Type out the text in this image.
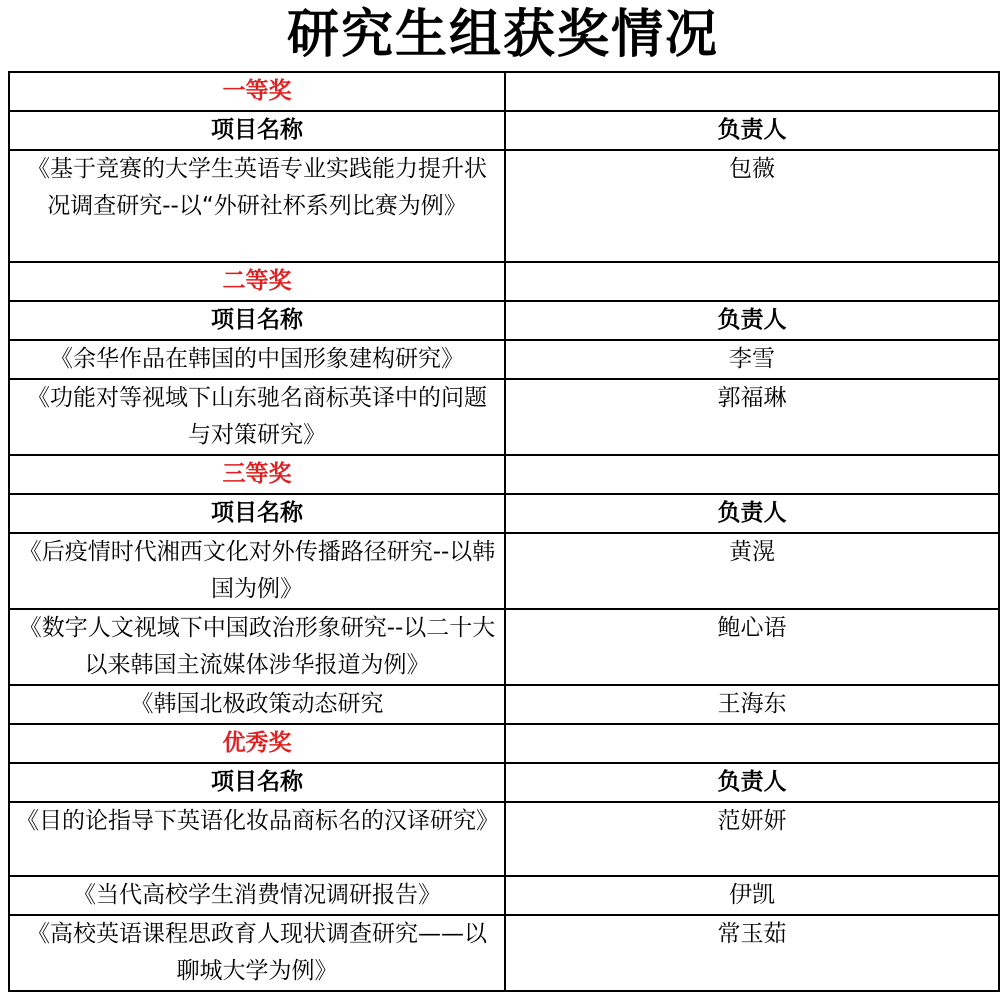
研究生组获奖情况
一等奖	
项目名称	负责人
《基于竞赛的大学生英语专业实践能力提升状况调查研究--以“外研社杯系列比赛为例》	包薇
二等奖	
项目名称	负责人
《余华作品在韩国的中国形象建构研究》	李雪
《功能对等视域下山东驰名商标英译中的问题与对策研究》	郭福琳
三等奖	
项目名称	负责人
《后疫情时代湘西文化对外传播路径研究--以韩国为例》	黄滉
《数字人文视域下中国政治形象研究--以二十大以来韩国主流媒体涉华报道为例》	鲍心语
《韩国北极政策动态研究	王海东
优秀奖	
项目名称	负责人
《目的论指导下英语化妆品商标名的汉译研究》	范妍妍
《当代高校学生消费情况调研报告》	伊凯
《高校英语课程思政育人现状调查研究——以聊城大学为例》	常玉茹
